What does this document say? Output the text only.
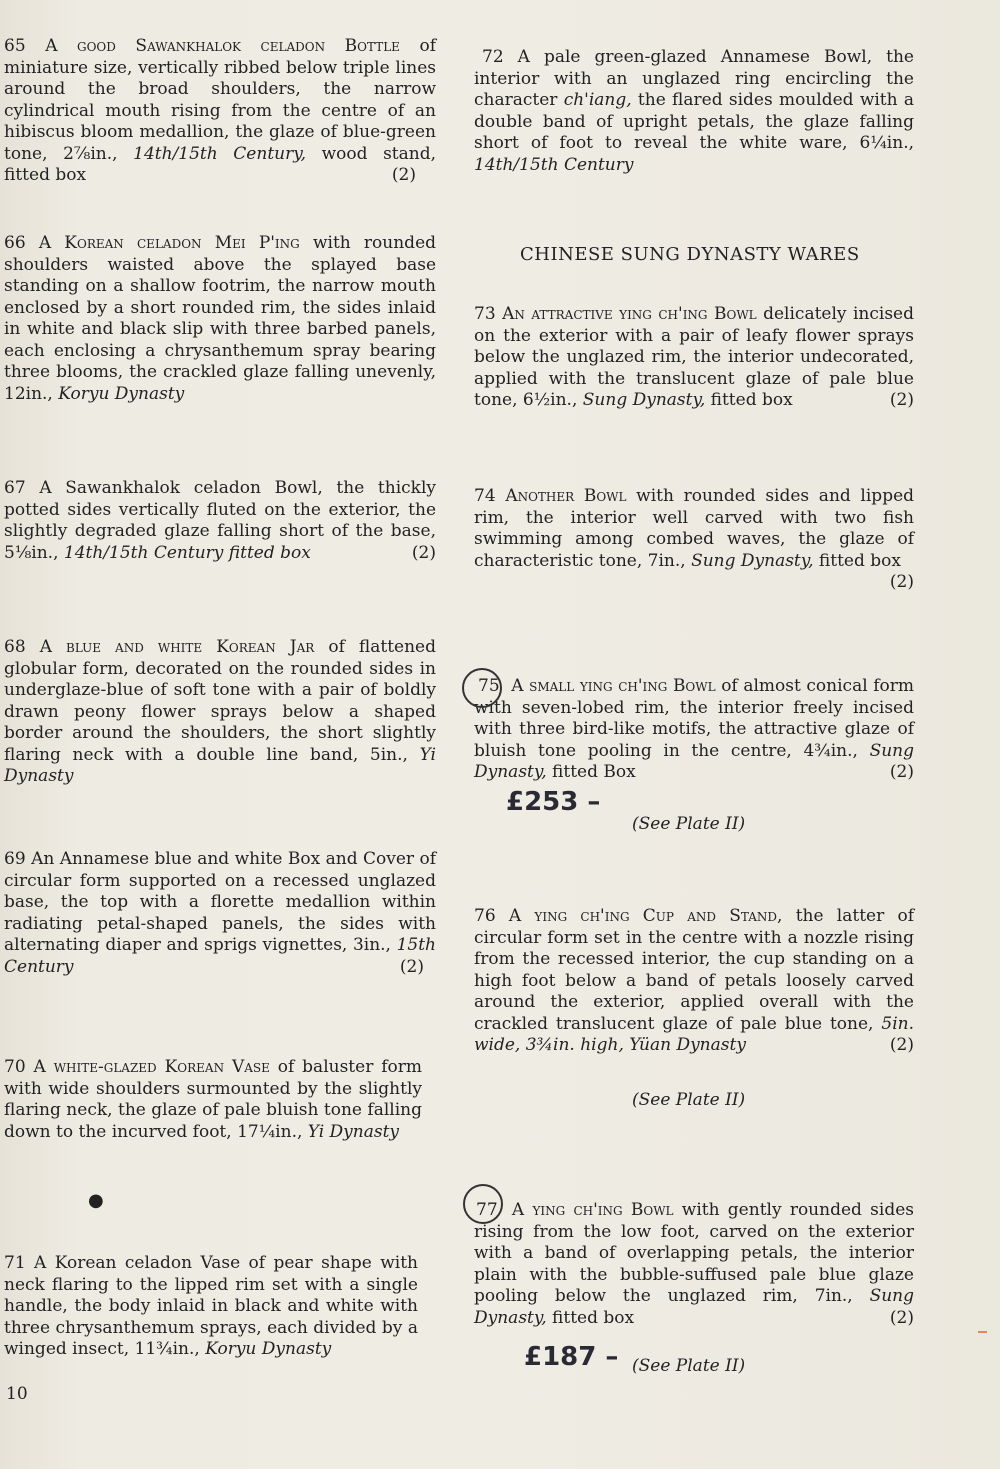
65 A good Sawankhalok celadon Bottle of miniature size, vertically ribbed below triple lines around the broad shoulders, the narrow cylindrical mouth rising from the centre of an hibiscus bloom medallion, the glaze of blue-green tone, 2⅞in., 14th/15th Century, wood stand, fitted box	(2)

66 A Korean celadon Mei P'ing with rounded shoulders waisted above the splayed base standing on a shallow footrim, the narrow mouth enclosed by a short rounded rim, the sides inlaid in white and black slip with three barbed panels, each enclosing a chrysanthemum spray bearing three blooms, the crackled glaze falling unevenly, 12in., Koryu Dynasty

67 A Sawankhalok celadon Bowl, the thickly potted sides vertically fluted on the exterior, the slightly degraded glaze falling short of the base, 5⅛in., 14th/15th Century fitted box	(2)

68 A blue and white Korean Jar of flattened globular form, decorated on the rounded sides in underglaze-blue of soft tone with a pair of boldly drawn peony flower sprays below a shaped border around the shoulders, the short slightly flaring neck with a double line band, 5in., Yi Dynasty

69 An Annamese blue and white Box and Cover of circular form supported on a recessed unglazed base, the top with a florette medallion within radiating petal-shaped panels, the sides with alternating diaper and sprigs vignettes, 3in., 15th Century	(2)

70 A white-glazed Korean Vase of baluster form with wide shoulders surmounted by the slightly flaring neck, the glaze of pale bluish tone falling down to the incurved foot, 17¼in., Yi Dynasty

●

71 A Korean celadon Vase of pear shape with neck flaring to the lipped rim set with a single handle, the body inlaid in black and white with three chrysanthemum sprays, each divided by a winged insect, 11¾in., Koryu Dynasty

10

72 A pale green-glazed Annamese Bowl, the interior with an unglazed ring encircling the character ch'iang, the flared sides moulded with a double band of upright petals, the glaze falling short of foot to reveal the white ware, 6¼in., 14th/15th Century

73 An attractive ying ch'ing Bowl delicately incised on the exterior with a pair of leafy flower sprays below the unglazed rim, the interior undecorated, applied with the translucent glaze of pale blue tone, 6½in., Sung Dynasty, fitted box	(2)

74 Another Bowl with rounded sides and lipped rim, the interior well carved with two fish swimming among combed waves, the glaze of characteristic tone, 7in., Sung Dynasty, fitted box
(2)

75 A small ying ch'ing Bowl of almost conical form with seven-lobed rim, the interior freely incised with three bird-like motifs, the attractive glaze of bluish tone pooling in the centre, 4¾in., Sung Dynasty, fitted Box	(2)

76 A ying ch'ing Cup and Stand, the latter of circular form set in the centre with a nozzle rising from the recessed interior, the cup standing on a high foot below a band of petals loosely carved around the exterior, applied overall with the crackled translucent glaze of pale blue tone, 5in. wide, 3¾in. high, Yüan Dynasty	(2)

77 A ying ch'ing Bowl with gently rounded sides rising from the low foot, carved on the exterior with a band of overlapping petals, the interior plain with the bubble-suffused pale blue glaze pooling below the unglazed rim, 7in., Sung Dynasty, fitted box	(2)

CHINESE SUNG DYNASTY WARES
£253 –
£187 –
(See Plate II)
(See Plate II)
(See Plate II)
